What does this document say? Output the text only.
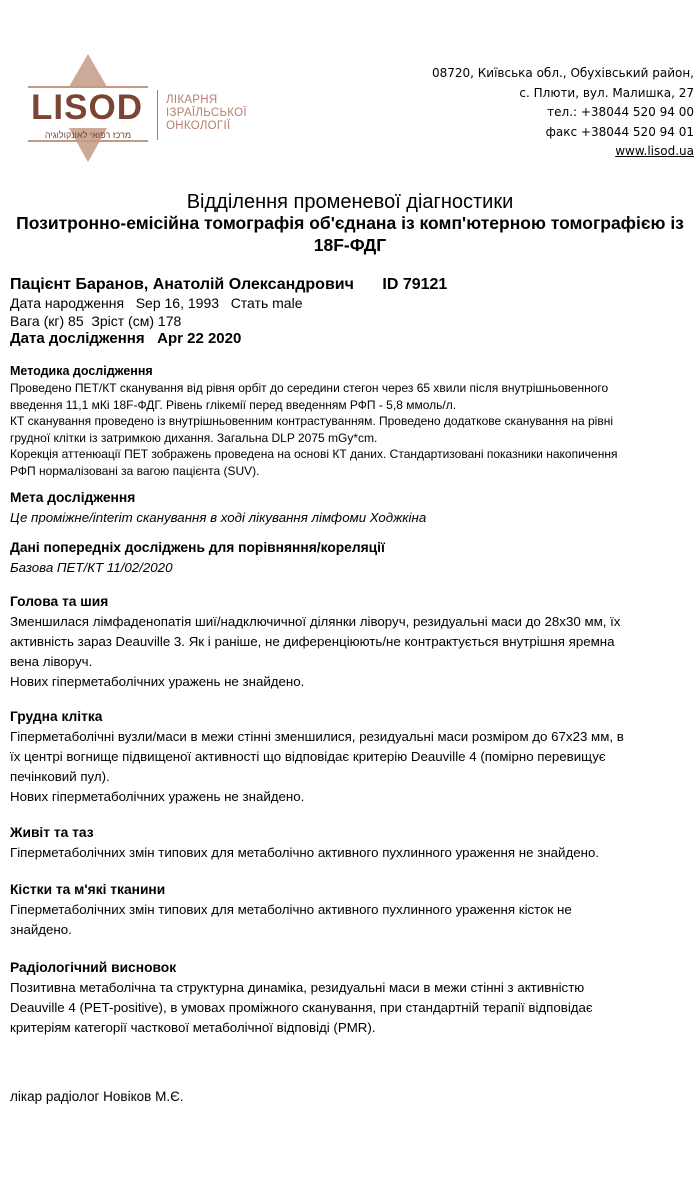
LISOD
מרכז רפואי לאונקולוגיה
ЛІКАРНЯ
ІЗРАЇЛЬСЬКОЇ
ОНКОЛОГІЇ
08720, Київська обл., Обухівський район,
с. Плюти, вул. Малишка, 27
тел.: +38044 520 94 00
факс +38044 520 94 01
www.lisod.ua
Відділення променевої діагностики
Позитронно-емісійна томографія об'єднана із комп'ютерною томографією із
18F-ФДГ
Пацієнт Баранов, Анатолій Олександрович ID 79121
Дата народження Sep 16, 1993 Стать male
Вага (кг) 85 Зріст (см) 178
Дата дослідження Apr 22 2020
Методика дослідження
Проведено ПЕТ/КТ сканування від рівня орбіт до середини стегон через 65 хвили після внутрішньовенного
введення 11,1 мКі 18F-ФДГ. Рівень глікемії перед введенням РФП - 5,8 ммоль/л.
КТ сканування проведено із внутрішньовенним контрастуванням. Проведено додаткове сканування на рівні
грудної клітки із затримкою дихання. Загальна DLP 2075 mGy*cm.
Корекція аттенюації ПЕТ зображень проведена на основі КТ даних. Стандартизовані показники накопичення
РФП нормалізовані за вагою пацієнта (SUV).
Мета дослідження
Це проміжне/interim сканування в ході лікування лімфоми Ходжкіна
Дані попередніх досліджень для порівняння/кореляції
Базова ПЕТ/КТ 11/02/2020
Голова та шия
Зменшилася лімфаденопатія шиї/надключичної ділянки ліворуч, резидуальні маси до 28x30 мм, їх
активність зараз Deauville 3. Як і раніше, не диференціюють/не контрактується внутрішня яремна
вена ліворуч.
Нових гіперметаболічних уражень не знайдено.
Грудна клітка
Гіперметаболічні вузли/маси в межи стінні зменшилися, резидуальні маси розміром до 67x23 мм, в
їх центрі вогнище підвищеної активності що відповідає критерію Deauville 4 (помірно перевищує
печінковий пул).
Нових гіперметаболічних уражень не знайдено.
Живіт та таз
Гіперметаболічних змін типових для метаболічно активного пухлинного ураження не знайдено.
Кістки та м'які тканини
Гіперметаболічних змін типових для метаболічно активного пухлинного ураження кісток не
знайдено.
Радіологічний висновок
Позитивна метаболічна та структурна динаміка, резидуальні маси в межи стінні з активністю
Deauville 4 (PET-positive), в умовах проміжного сканування, при стандартній терапії відповідає
критеріям категорії часткової метаболічної відповіді (PMR).
лікар радіолог Новіков М.Є.
